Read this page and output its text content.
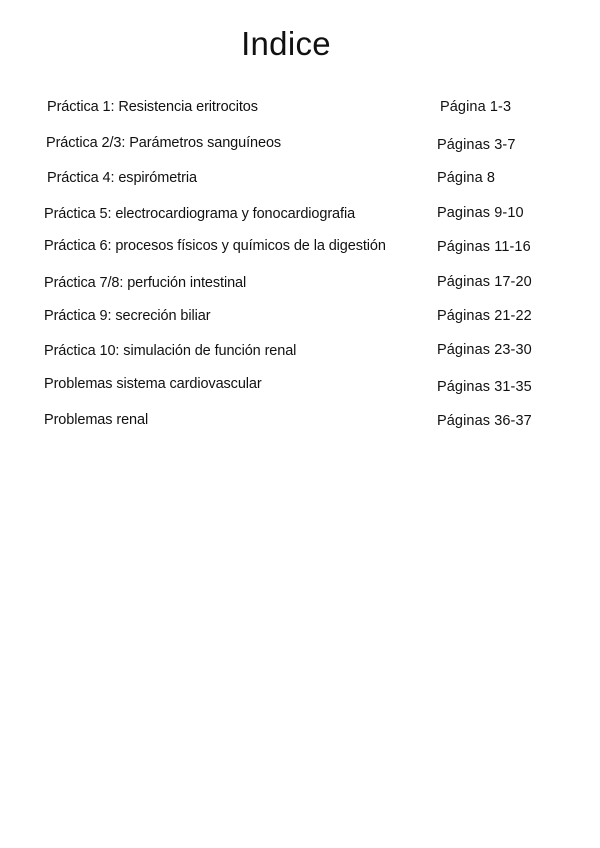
Indice
Práctica 1: Resistencia eritrocitos	Página 1-3
Práctica 2/3: Parámetros sanguíneos	Páginas 3-7
Práctica 4: espirómetria	Página 8
Práctica 5: electrocardiograma y fonocardiografia	Paginas 9-10
Práctica 6: procesos físicos y químicos de la digestión	Páginas 11-16
Práctica 7/8: perfución intestinal	Páginas 17-20
Práctica 9: secreción biliar	Páginas 21-22
Práctica 10: simulación de función renal	Páginas 23-30
Problemas sistema cardiovascular	Páginas 31-35
Problemas renal	Páginas 36-37
